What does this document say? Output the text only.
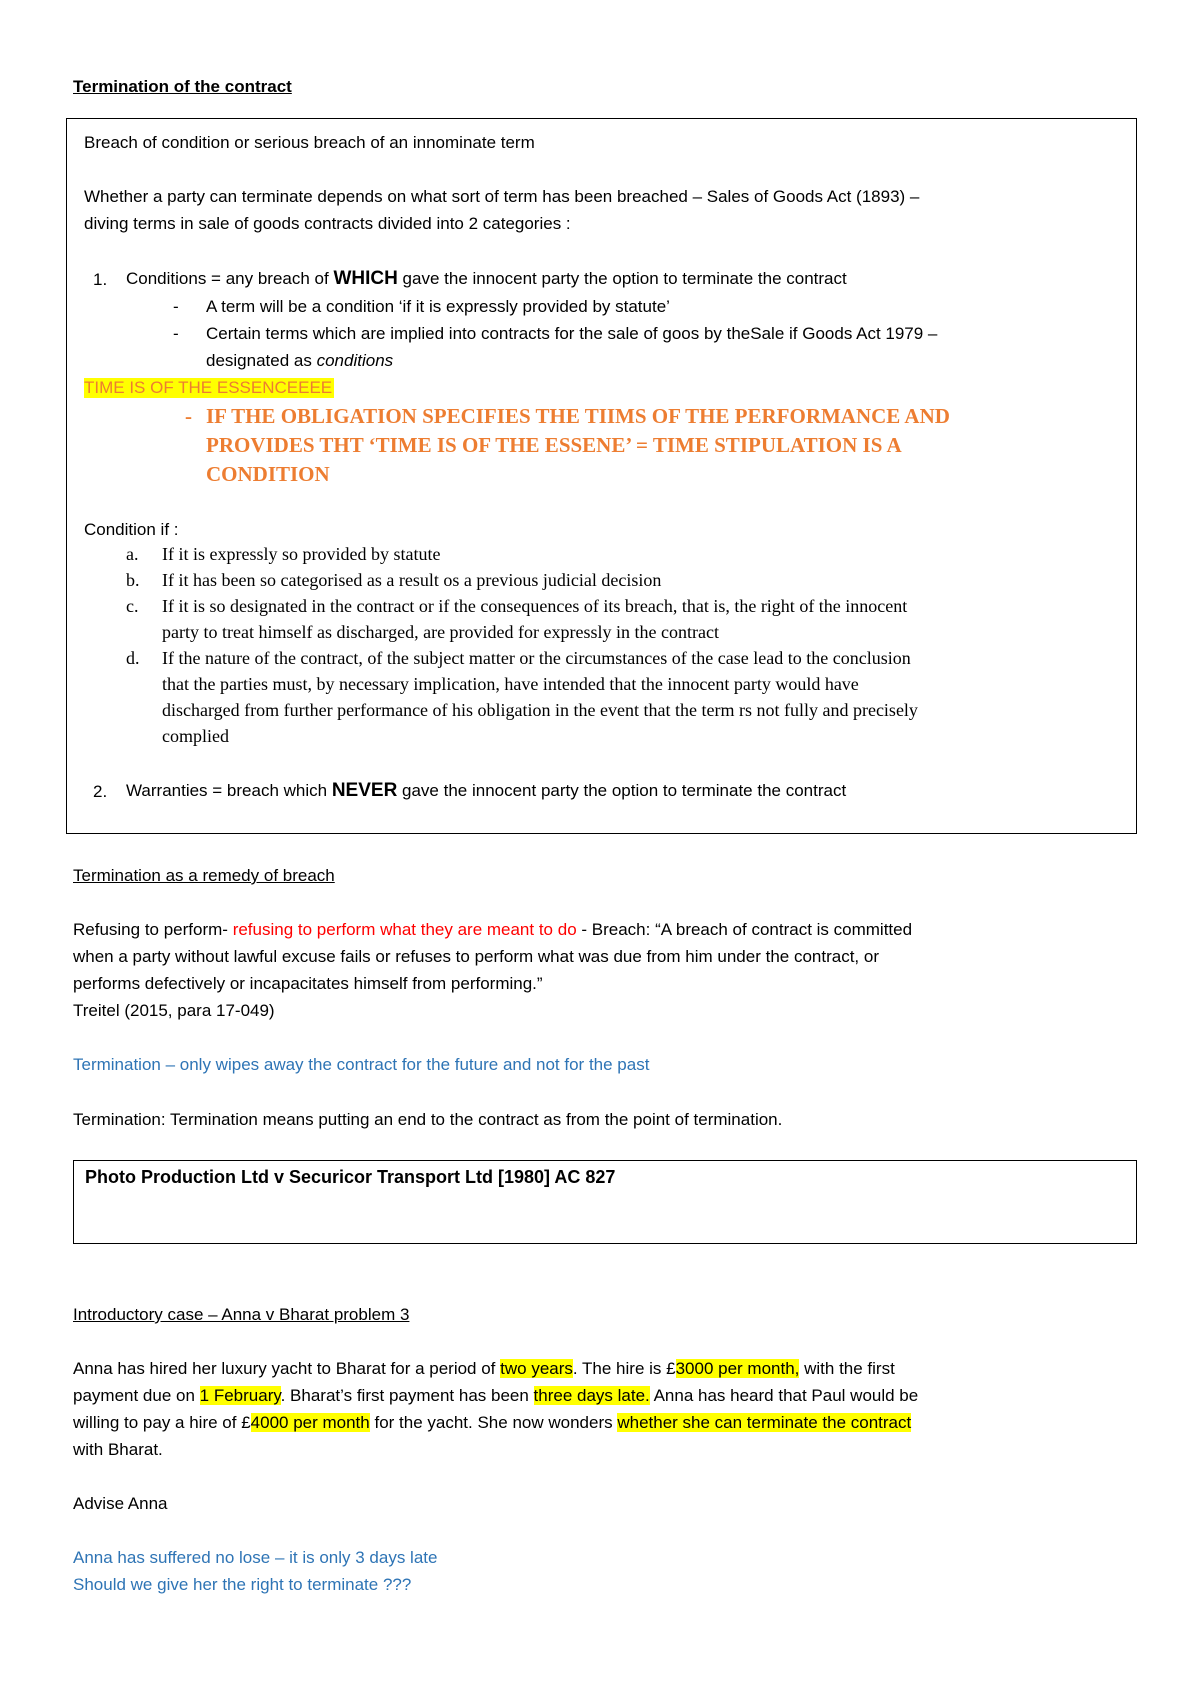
Termination of the contract
Breach of condition or serious breach of an innominate term
Whether a party can terminate depends on what sort of term has been breached – Sales of Goods Act (1893) –
diving terms in sale of goods contracts divided into 2 categories :
1. Conditions = any breach of WHICH gave the innocent party the option to terminate the contract
- A term will be a condition ‘if it is expressly provided by statute’
- Certain terms which are implied into contracts for the sale of goos by theSale if Goods Act 1979 –
designated as conditions
TIME IS OF THE ESSENCEEEE
- IF THE OBLIGATION SPECIFIES THE TIIMS OF THE PERFORMANCE AND
PROVIDES THT ‘TIME IS OF THE ESSENE’ = TIME STIPULATION IS A
CONDITION
Condition if :
a. If it is expressly so provided by statute
b. If it has been so categorised as a result os a previous judicial decision
c. If it is so designated in the contract or if the consequences of its breach, that is, the right of the innocent
party to treat himself as discharged, are provided for expressly in the contract
d. If the nature of the contract, of the subject matter or the circumstances of the case lead to the conclusion
that the parties must, by necessary implication, have intended that the innocent party would have
discharged from further performance of his obligation in the event that the term rs not fully and precisely
complied
2. Warranties = breach which NEVER gave the innocent party the option to terminate the contract
Termination as a remedy of breach
Refusing to perform- refusing to perform what they are meant to do - Breach: “A breach of contract is committed
when a party without lawful excuse fails or refuses to perform what was due from him under the contract, or
performs defectively or incapacitates himself from performing.”
Treitel (2015, para 17-049)
Termination – only wipes away the contract for the future and not for the past
Termination: Termination means putting an end to the contract as from the point of termination.
Photo Production Ltd v Securicor Transport Ltd [1980] AC 827
Introductory case – Anna v Bharat problem 3
Anna has hired her luxury yacht to Bharat for a period of two years. The hire is £3000 per month, with the first
payment due on 1 February. Bharat’s first payment has been three days late. Anna has heard that Paul would be
willing to pay a hire of £4000 per month for the yacht. She now wonders whether she can terminate the contract
with Bharat.
Advise Anna
Anna has suffered no lose – it is only 3 days late
Should we give her the right to terminate ???
